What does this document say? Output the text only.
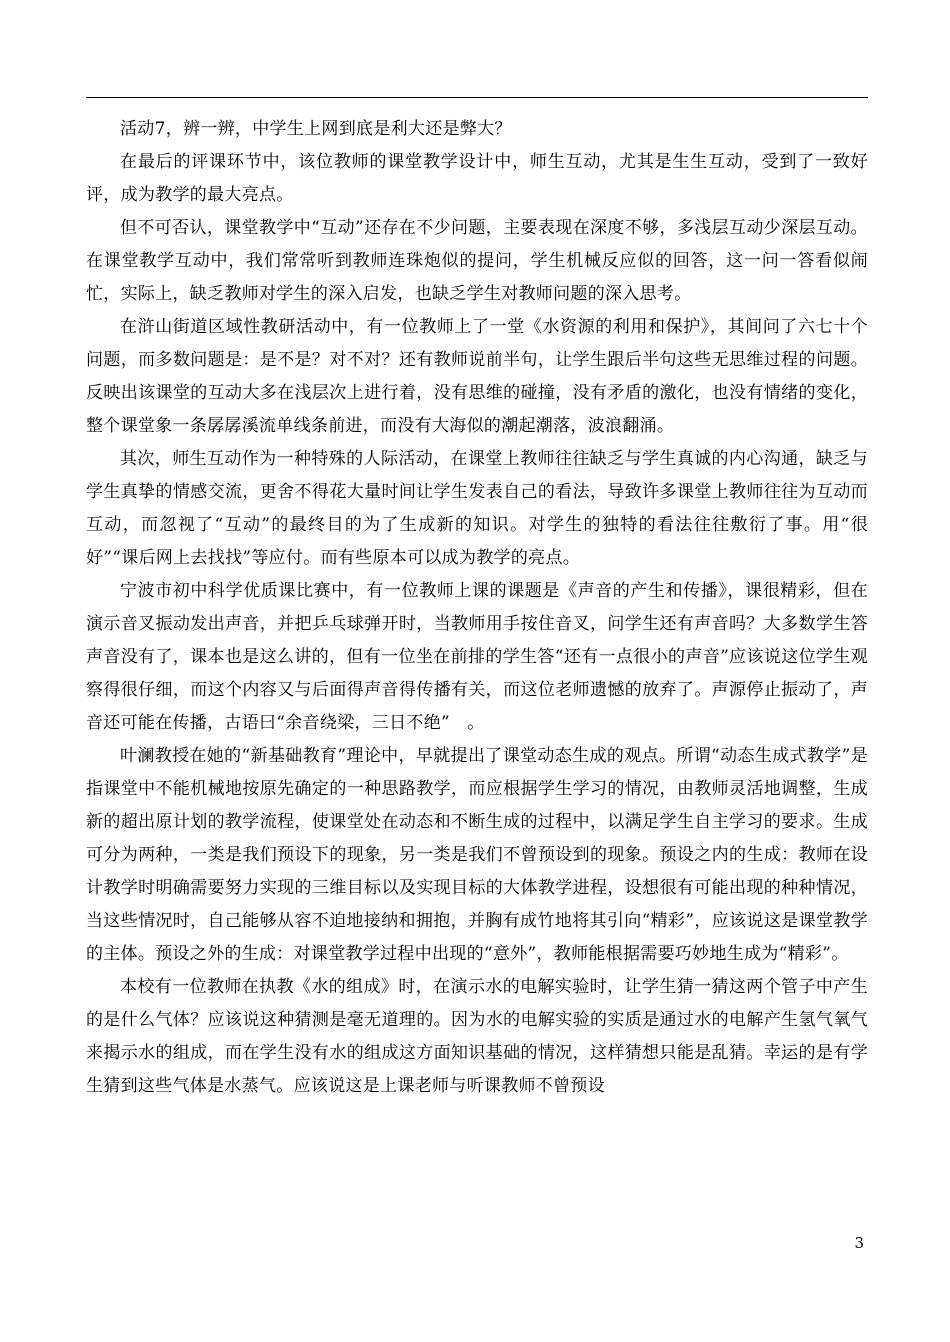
活动7，辨一辨，中学生上网到底是利大还是弊大？

在最后的评课环节中，该位教师的课堂教学设计中，师生互动，尤其是生生互动，受到了一致好评，成为教学的最大亮点。

但不可否认，课堂教学中“互动”还存在不少问题，主要表现在深度不够，多浅层互动少深层互动。在课堂教学互动中，我们常常听到教师连珠炮似的提问，学生机械反应似的回答，这一问一答看似闹忙，实际上，缺乏教师对学生的深入启发，也缺乏学生对教师问题的深入思考。

在浒山街道区域性教研活动中，有一位教师上了一堂《水资源的利用和保护》，其间问了六七十个问题，而多数问题是：是不是？对不对？还有教师说前半句，让学生跟后半句这些无思维过程的问题。反映出该课堂的互动大多在浅层次上进行着，没有思维的碰撞，没有矛盾的激化，也没有情绪的变化，整个课堂象一条孱孱溪流单线条前进，而没有大海似的潮起潮落，波浪翻涌。

其次，师生互动作为一种特殊的人际活动，在课堂上教师往往缺乏与学生真诚的内心沟通，缺乏与学生真挚的情感交流，更舍不得花大量时间让学生发表自己的看法，导致许多课堂上教师往往为互动而互动，而忽视了“互动”的最终目的为了生成新的知识。对学生的独特的看法往往敷衍了事。用“很好”“课后网上去找找”等应付。而有些原本可以成为教学的亮点。

宁波市初中科学优质课比赛中，有一位教师上课的课题是《声音的产生和传播》，课很精彩，但在演示音叉振动发出声音，并把乒乓球弹开时，当教师用手按住音叉，问学生还有声音吗？大多数学生答声音没有了，课本也是这么讲的，但有一位坐在前排的学生答“还有一点很小的声音”应该说这位学生观察得很仔细，而这个内容又与后面得声音得传播有关，而这位老师遗憾的放弃了。声源停止振动了，声音还可能在传播，古语曰“余音绕梁，三日不绝”　。

叶澜教授在她的“新基础教育”理论中，早就提出了课堂动态生成的观点。所谓“动态生成式教学”是指课堂中不能机械地按原先确定的一种思路教学，而应根据学生学习的情况，由教师灵活地调整，生成新的超出原计划的教学流程，使课堂处在动态和不断生成的过程中，以满足学生自主学习的要求。生成可分为两种，一类是我们预设下的现象，另一类是我们不曾预设到的现象。预设之内的生成：教师在设计教学时明确需要努力实现的三维目标以及实现目标的大体教学进程，设想很有可能出现的种种情况，当这些情况时，自己能够从容不迫地接纳和拥抱，并胸有成竹地将其引向“精彩”，应该说这是课堂教学的主体。预设之外的生成：对课堂教学过程中出现的“意外”，教师能根据需要巧妙地生成为“精彩”。

本校有一位教师在执教《水的组成》时，在演示水的电解实验时，让学生猜一猜这两个管子中产生的是什么气体？应该说这种猜测是毫无道理的。因为水的电解实验的实质是通过水的电解产生氢气氧气来揭示水的组成，而在学生没有水的组成这方面知识基础的情况，这样猜想只能是乱猜。幸运的是有学生猜到这些气体是水蒸气。应该说这是上课老师与听课教师不曾预设

3
